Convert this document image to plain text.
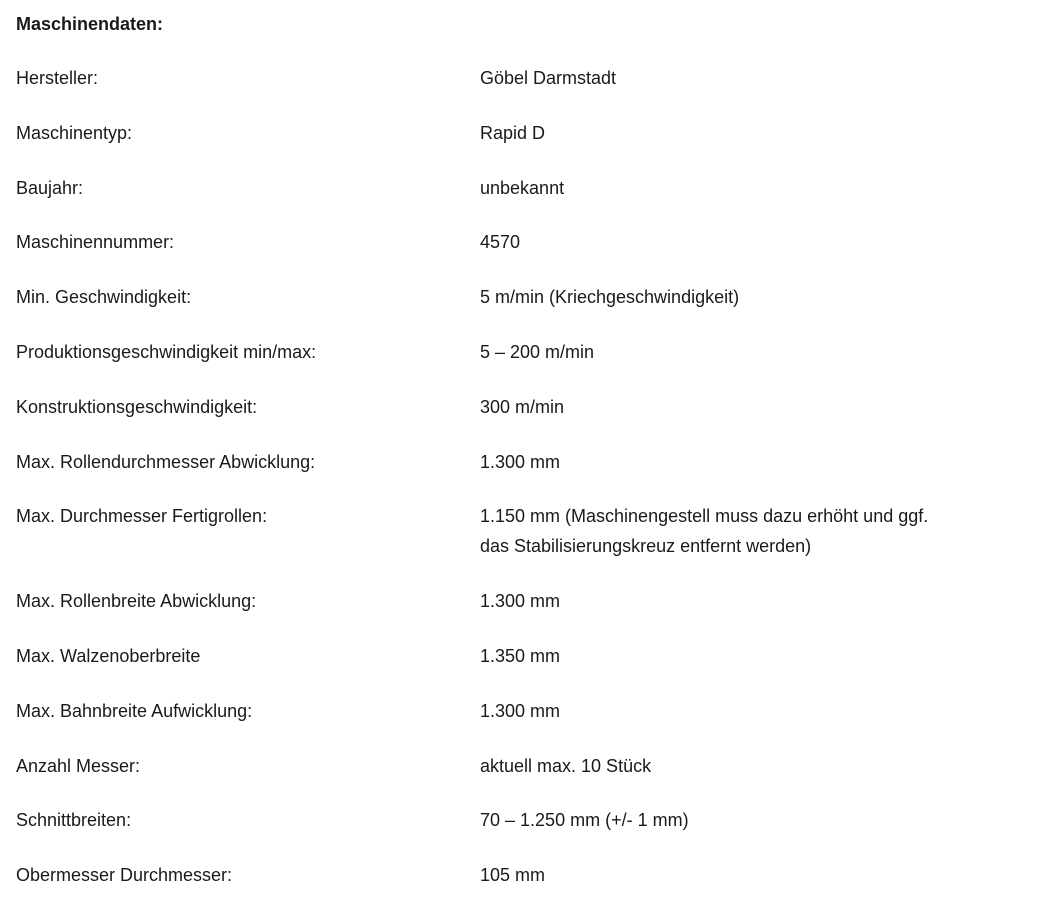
Maschinendaten:
Hersteller:	Göbel Darmstadt
Maschinentyp:	Rapid D
Baujahr:	unbekannt
Maschinennummer:	4570
Min. Geschwindigkeit:	5 m/min (Kriechgeschwindigkeit)
Produktionsgeschwindigkeit min/max:	5 – 200 m/min
Konstruktionsgeschwindigkeit:	300 m/min
Max. Rollendurchmesser Abwicklung:	1.300 mm
Max. Durchmesser Fertigrollen:	1.150 mm (Maschinengestell muss dazu erhöht und ggf.
das Stabilisierungskreuz entfernt werden)
Max. Rollenbreite Abwicklung:	1.300 mm
Max. Walzenoberbreite	1.350 mm
Max. Bahnbreite Aufwicklung:	1.300 mm
Anzahl Messer:	aktuell max. 10 Stück
Schnittbreiten:	70 – 1.250 mm (+/- 1 mm)
Obermesser Durchmesser:	105 mm
